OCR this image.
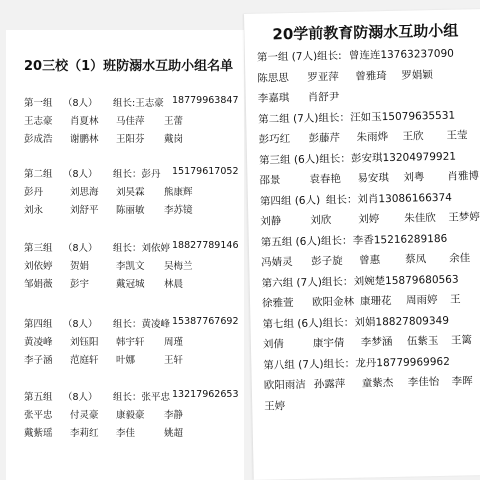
20三校（1）班防溺水互助小组名单
第一组 （8人） 组长:王志豪 18779963847
王志豪 肖夏林 马佳萍 王蕾
彭成浩 谢鹏林 王阳芬 戴岗
第二组 （8人） 组长：彭丹 15179617052
彭丹	刘思海 刘昊霖 熊康辉
刘永	刘舒平 陈丽敏 李苏镜
第三组 （8人） 组长：刘依婷 18827789146
刘依婷 贺娟	李凯文 吴梅兰
邹娟薇 彭宇	戴冠城 林晨
第四组 （8人） 组长：黄凌峰 15387767692
黄凌峰 刘钰阳 韩宇轩 周瑾
李子涵 范庭轩 叶娜	王轩
第五组 （8人） 组长：张平忠 13217962653
张平忠 付灵豪 康毅豪 李静
戴紫瑶 李莉红 李佳	姚超
20学前教育防溺水互助小组
第一组 (7人)组长: 曾连连13763237090
陈思思 罗亚萍 曾雅琦 罗娟颖
李嘉琪 肖舒尹
第二组 (7人)组长： 汪如玉15079635531
彭巧红 彭藤芹 朱雨烨 王欣 王莹
第三组 (6人)组长： 彭安琪13204979921
邵景	袁春艳 易安琪 刘粤 肖雅博
第四组 (6人) 组长：刘肖13086166374
刘静	刘欣	刘婷 朱佳欣 王梦婷
第五组 (6人)组长： 李香15216289186
冯婧灵 彭子旋 曾惠 蔡凤 余佳
第六组 (7人)组长： 刘婉楚15879680563
徐雅萱 欧阳金林 康珊花 周雨婷 王
第七组 (6人)组长： 刘娟18827809349
刘倩	康宇倩 李梦涵 伍紫玉 王篱
第八组 (7人)组长： 龙丹18779969962
欧阳雨洁 孙露萍 童紫杰 李佳怡 李晖
王婷
